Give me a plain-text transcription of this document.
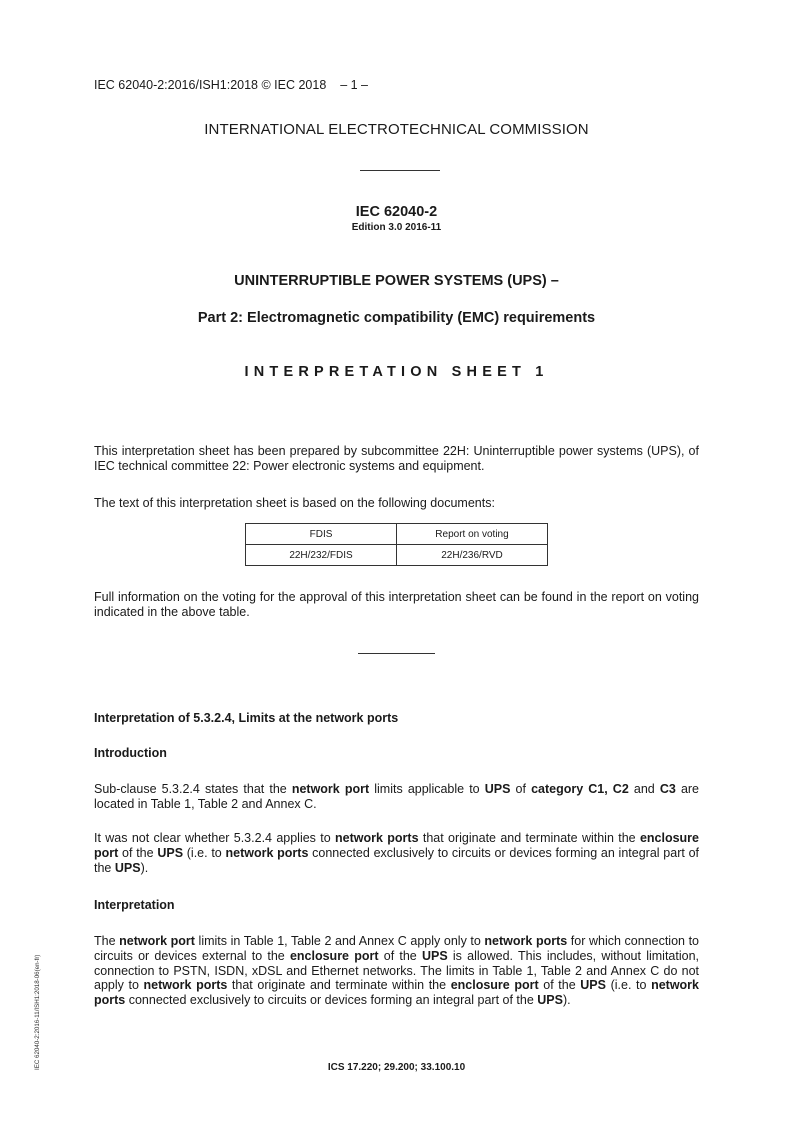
IEC 62040-2:2016/ISH1:2018 © IEC 2018 – 1 –
INTERNATIONAL ELECTROTECHNICAL COMMISSION
IEC 62040-2
Edition 3.0 2016-11
UNINTERRUPTIBLE POWER SYSTEMS (UPS) –
Part 2: Electromagnetic compatibility (EMC) requirements
INTERPRETATION SHEET 1
This interpretation sheet has been prepared by subcommittee 22H: Uninterruptible power systems (UPS), of IEC technical committee 22: Power electronic systems and equipment.
The text of this interpretation sheet is based on the following documents:
FDIS	Report on voting
22H/232/FDIS	22H/236/RVD
Full information on the voting for the approval of this interpretation sheet can be found in the report on voting indicated in the above table.
Interpretation of 5.3.2.4, Limits at the network ports
Introduction
Sub-clause 5.3.2.4 states that the network port limits applicable to UPS of category C1, C2 and C3 are located in Table 1, Table 2 and Annex C.
It was not clear whether 5.3.2.4 applies to network ports that originate and terminate within the enclosure port of the UPS (i.e. to network ports connected exclusively to circuits or devices forming an integral part of the UPS).
Interpretation
The network port limits in Table 1, Table 2 and Annex C apply only to network ports for which connection to circuits or devices external to the enclosure port of the UPS is allowed. This includes, without limitation, connection to PSTN, ISDN, xDSL and Ethernet networks. The limits in Table 1, Table 2 and Annex C do not apply to network ports that originate and terminate within the enclosure port of the UPS (i.e. to network ports connected exclusively to circuits or devices forming an integral part of the UPS).
IEC 62040-2:2016-11/ISH1:2018-06(en-fr)	ICS 17.220; 29.200; 33.100.10
